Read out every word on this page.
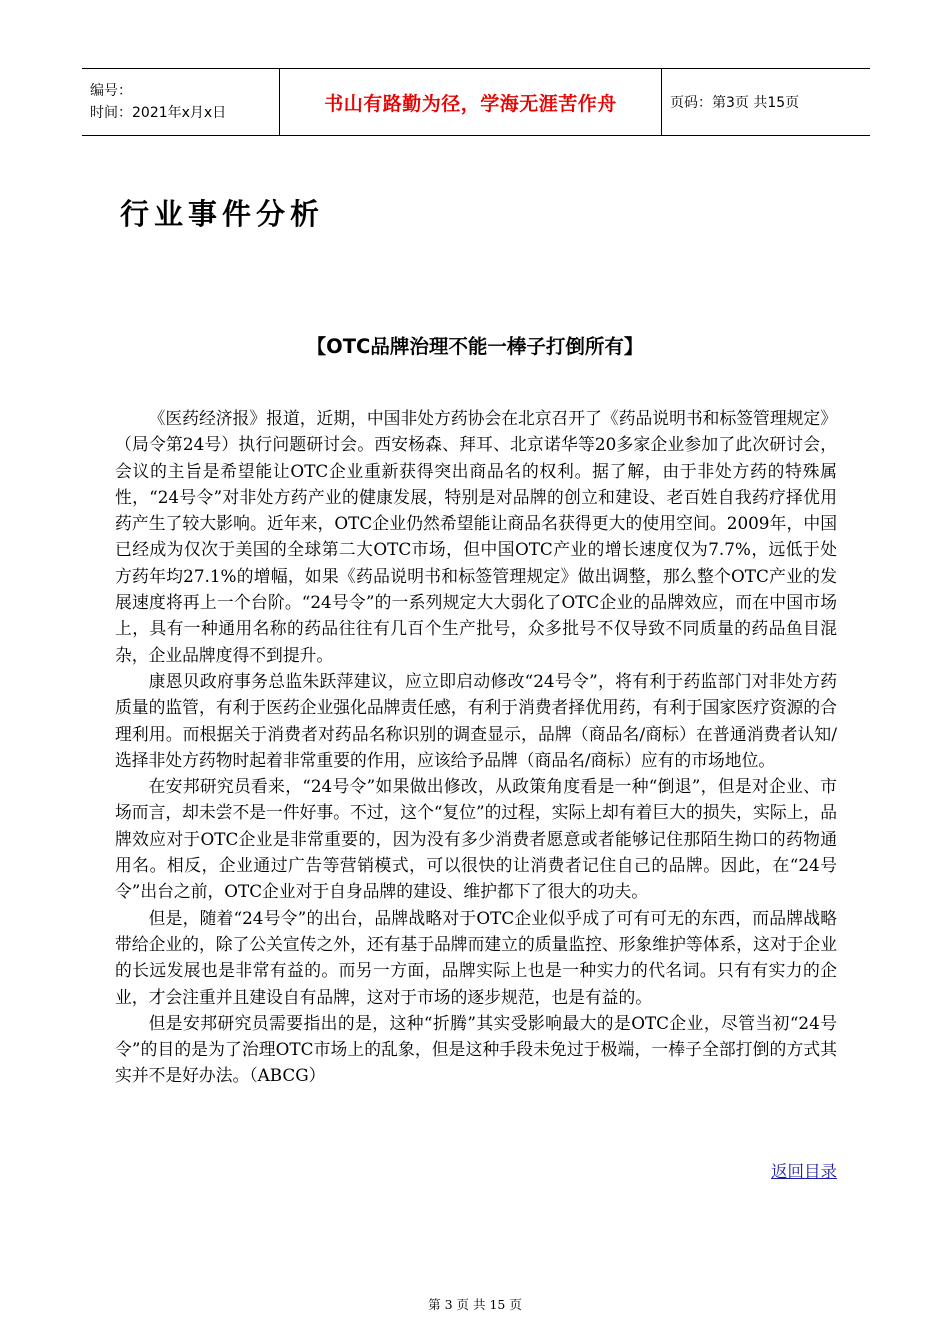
编号：
时间：2021年x月x日	书山有路勤为径，学海无涯苦作舟	页码：第3页 共15页
行业事件分析
【OTC品牌治理不能一棒子打倒所有】

《医药经济报》报道，近期，中国非处方药协会在北京召开了《药品说明书和标签管理规定》（局令第24号）执行问题研讨会。西安杨森、拜耳、北京诺华等20多家企业参加了此次研讨会，会议的主旨是希望能让OTC企业重新获得突出商品名的权利。据了解，由于非处方药的特殊属性，“24号令”对非处方药产业的健康发展，特别是对品牌的创立和建设、老百姓自我药疗择优用药产生了较大影响。近年来，OTC企业仍然希望能让商品名获得更大的使用空间。2009年，中国已经成为仅次于美国的全球第二大OTC市场，但中国OTC产业的增长速度仅为7.7%，远低于处方药年均27.1%的增幅，如果《药品说明书和标签管理规定》做出调整，那么整个OTC产业的发展速度将再上一个台阶。“24号令”的一系列规定大大弱化了OTC企业的品牌效应，而在中国市场上，具有一种通用名称的药品往往有几百个生产批号，众多批号不仅导致不同质量的药品鱼目混杂，企业品牌度得不到提升。

康恩贝政府事务总监朱跃萍建议，应立即启动修改“24号令”，将有利于药监部门对非处方药质量的监管，有利于医药企业强化品牌责任感，有利于消费者择优用药，有利于国家医疗资源的合理利用。而根据关于消费者对药品名称识别的调查显示，品牌（商品名/商标）在普通消费者认知/选择非处方药物时起着非常重要的作用，应该给予品牌（商品名/商标）应有的市场地位。

在安邦研究员看来，“24号令”如果做出修改，从政策角度看是一种“倒退”，但是对企业、市场而言，却未尝不是一件好事。不过，这个“复位”的过程，实际上却有着巨大的损失，实际上，品牌效应对于OTC企业是非常重要的，因为没有多少消费者愿意或者能够记住那陌生拗口的药物通用名。相反，企业通过广告等营销模式，可以很快的让消费者记住自己的品牌。因此，在“24号令”出台之前，OTC企业对于自身品牌的建设、维护都下了很大的功夫。

但是，随着“24号令”的出台，品牌战略对于OTC企业似乎成了可有可无的东西，而品牌战略带给企业的，除了公关宣传之外，还有基于品牌而建立的质量监控、形象维护等体系，这对于企业的长远发展也是非常有益的。而另一方面，品牌实际上也是一种实力的代名词。只有有实力的企业，才会注重并且建设自有品牌，这对于市场的逐步规范，也是有益的。

但是安邦研究员需要指出的是，这种“折腾”其实受影响最大的是OTC企业，尽管当初“24号令”的目的是为了治理OTC市场上的乱象，但是这种手段未免过于极端，一棒子全部打倒的方式其实并不是好办法。（ABCG）

返回目录
第 3 页 共 15 页
